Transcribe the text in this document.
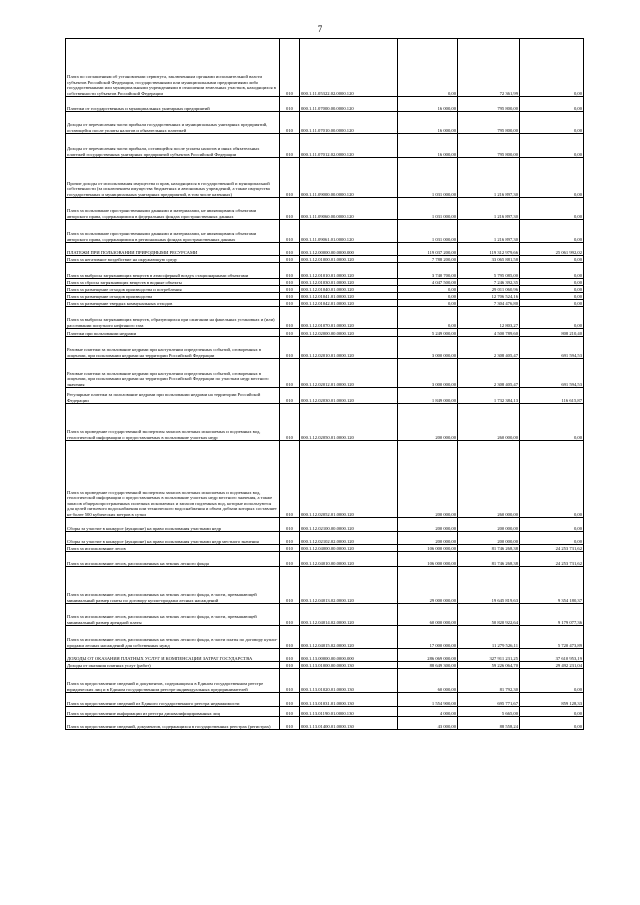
7
Плата по соглашениям об установлении сервитута, заключенным органами исполнительной власти субъектов Российской Федерации, государственными или муниципальными предприятиями либо государственными или муниципальными учреждениями в отношении земельных участков, находящихся в собственности субъектов Российской Федерации	010	000.1.11.05322.02.0000.120	0,00	72 361,99	0,00
Платежи от государственных и муниципальных унитарных предприятий	010	000.1.11.07000.00.0000.120	16 000,00	795 800,00	0,00
Доходы от перечисления части прибыли государственных и муниципальных унитарных предприятий, остающейся после уплаты налогов и обязательных платежей	010	000.1.11.07010.00.0000.120	16 000,00	795 800,00	0,00
Доходы от перечисления части прибыли, остающейся после уплаты налогов и иных обязательных платежей государственных унитарных предприятий субъектов Российской Федерации	010	000.1.11.07012.02.0000.120	16 000,00	795 800,00	0,00
Прочие доходы от использования имущества и прав, находящихся в государственной и муниципальной собственности (за исключением имущества бюджетных и автономных учреждений, а также имущества государственных и муниципальных унитарных предприятий, в том числе казенных)	010	000.1.11.09000.00.0000.120	1 031 000,00	1 216 897,30	0,00
Плата за пользование пространственными данными и материалами, не являющимися объектами авторского права, содержащимися в федеральных фондах пространственных данных	010	000.1.11.09060.00.0000.120	1 031 000,00	1 216 897,30	0,00
Плата за пользование пространственными данными и материалами, не являющимися объектами авторского права, содержащимися в региональных фондах пространственных данных	010	000.1.11.09061.01.0000.120	1 031 000,00	1 216 897,30	0,00
ПЛАТЕЖИ ПРИ ПОЛЬЗОВАНИИ ПРИРОДНЫМИ РЕСУРСАМИ	010	000.1.12.00000.00.0000.000	119 037 200,00	119 312 979,66	25 061 992,02
Плата за негативное воздействие на окружающую среду	010	000.1.12.01000.01.0000.120	7 788 200,00	33 065 881,58	0,00
Плата за выбросы загрязняющих веществ в атмосферный воздух стационарными объектами	010	000.1.12.01010.01.0000.120	3 740 700,00	5 795 085,00	0,00
Плата за сбросы загрязняющих веществ в водные объекты	010	000.1.12.01030.01.0000.120	4 047 500,00	7 246 392,35	0,00
Плата за размещение отходов производства и потребления	010	000.1.12.01040.01.0000.120	0,00	29 011 060,96	0,00
Плата за размещение отходов производства	010	000.1.12.01041.01.0000.120	0,00	12 706 524,16	0,00
Плата за размещение твердых коммунальных отходов	010	000.1.12.01042.01.0000.120	0,00	7 304 476,80	0,00
Плата за выбросы загрязняющих веществ, образующихся при сжигании на факельных установках и (или) рассеивании попутного нефтяного газа	010	000.1.12.01070.01.0000.120	0,00	12 803,27	0,00
Платежи при пользовании недрами	010	000.1.12.02000.00.0000.120	5 249 000,00	4 500 789,60	808 210,40
Разовые платежи за пользование недрами при наступлении определенных событий, оговоренных в лицензии, при пользовании недрами на территории Российской Федерации	010	000.1.12.02010.01.0000.120	3 000 000,00	2 308 405,47	691 594,53
Разовые платежи за пользование недрами при наступлении определенных событий, оговоренных в лицензии, при пользовании недрами на территории Российской Федерации по участкам недр местного значения	010	000.1.12.02012.01.0000.120	3 000 000,00	2 308 405,47	691 594,53
Регулярные платежи за пользование недрами при пользовании недрами на территории Российской Федерации	010	000.1.12.02030.01.0000.120	1 849 000,00	1 732 384,13	116 615,87
Плата за проведение государственной экспертизы запасов полезных ископаемых и подземных вод, геологической информации о предоставляемых в пользование участках недр	010	000.1.12.02050.01.0000.120	200 000,00	260 000,00	0,00
Плата за проведение государственной экспертизы запасов полезных ископаемых и подземных вод, геологической информации о предоставляемых в пользование участках недр местного значения, а также запасов общераспространенных полезных ископаемых и запасов подземных вод, которые используются для целей питьевого водоснабжения или технического водоснабжения и объем добычи которых составляет не более 500 кубических метров в сутки	010	000.1.12.02052.01.0000.120	200 000,00	260 000,00	0,00
Сборы за участие в конкурсе (аукционе) на право пользования участками недр	010	000.1.12.02100.00.0000.120	200 000,00	200 000,00	0,00
Сборы за участие в конкурсе (аукционе) на право пользования участками недр местного значения	010	000.1.12.02102.02.0000.120	200 000,00	200 000,00	0,00
Плата за использование лесов	010	000.1.12.04000.00.0000.120	106 000 000,00	81 746 268,38	24 253 731,62
Плата за использование лесов, расположенных на землях лесного фонда	010	000.1.12.04010.00.0000.120	106 000 000,00	81 746 268,38	24 253 731,62
Плата за использование лесов, расположенных на землях лесного фонда, в части, превышающей минимальный размер платы по договору купли-продажи лесных насаждений	010	000.1.12.04013.02.0000.120	29 000 000,00	19 645 819,63	9 354 180,37
Плата за использование лесов, расположенных на землях лесного фонда, в части, превышающей минимальный размер арендной платы	010	000.1.12.04014.02.0000.120	60 000 000,00	50 820 922,64	9 179 077,36
Плата за использование лесов, расположенных на землях лесного фонда, в части платы по договору купли-продажи лесных насаждений для собственных нужд	010	000.1.12.04015.02.0000.120	17 000 000,00	11 279 526,11	5 720 473,89
ДОХОДЫ ОТ ОКАЗАНИЯ ПЛАТНЫХ УСЛУГ И КОМПЕНСАЦИИ ЗАТРАТ ГОСУДАРСТВА	010	000.1.13.00000.00.0000.000	286 069 000,00	327 911 231,25	37 610 953,19
Доходы от оказания платных услуг (работ)	010	000.1.13.01000.00.0000.130	88 649 300,00	59 226 064,70	29 492 231,04
Плата за предоставление сведений и документов, содержащихся в Едином государственном реестре юридических лиц и в Едином государственном реестре индивидуальных предпринимателей	010	000.1.13.01020.01.0000.130	60 000,00	81 792,30	0,00
Плата за предоставление сведений из Единого государственного реестра недвижимости	010	000.1.13.01031.01.0000.130	1 554 900,00	695 771,67	859 128,33
Плата за предоставление информации из реестра дисквалифицированных лиц	010	000.1.13.01190.01.0000.130	4 000,00	5 665,00	0,00
Плата за предоставление сведений, документов, содержащихся в государственных реестрах (регистрах)	010	000.1.13.01400.01.0000.130	43 000,00	88 558,24	0,00
